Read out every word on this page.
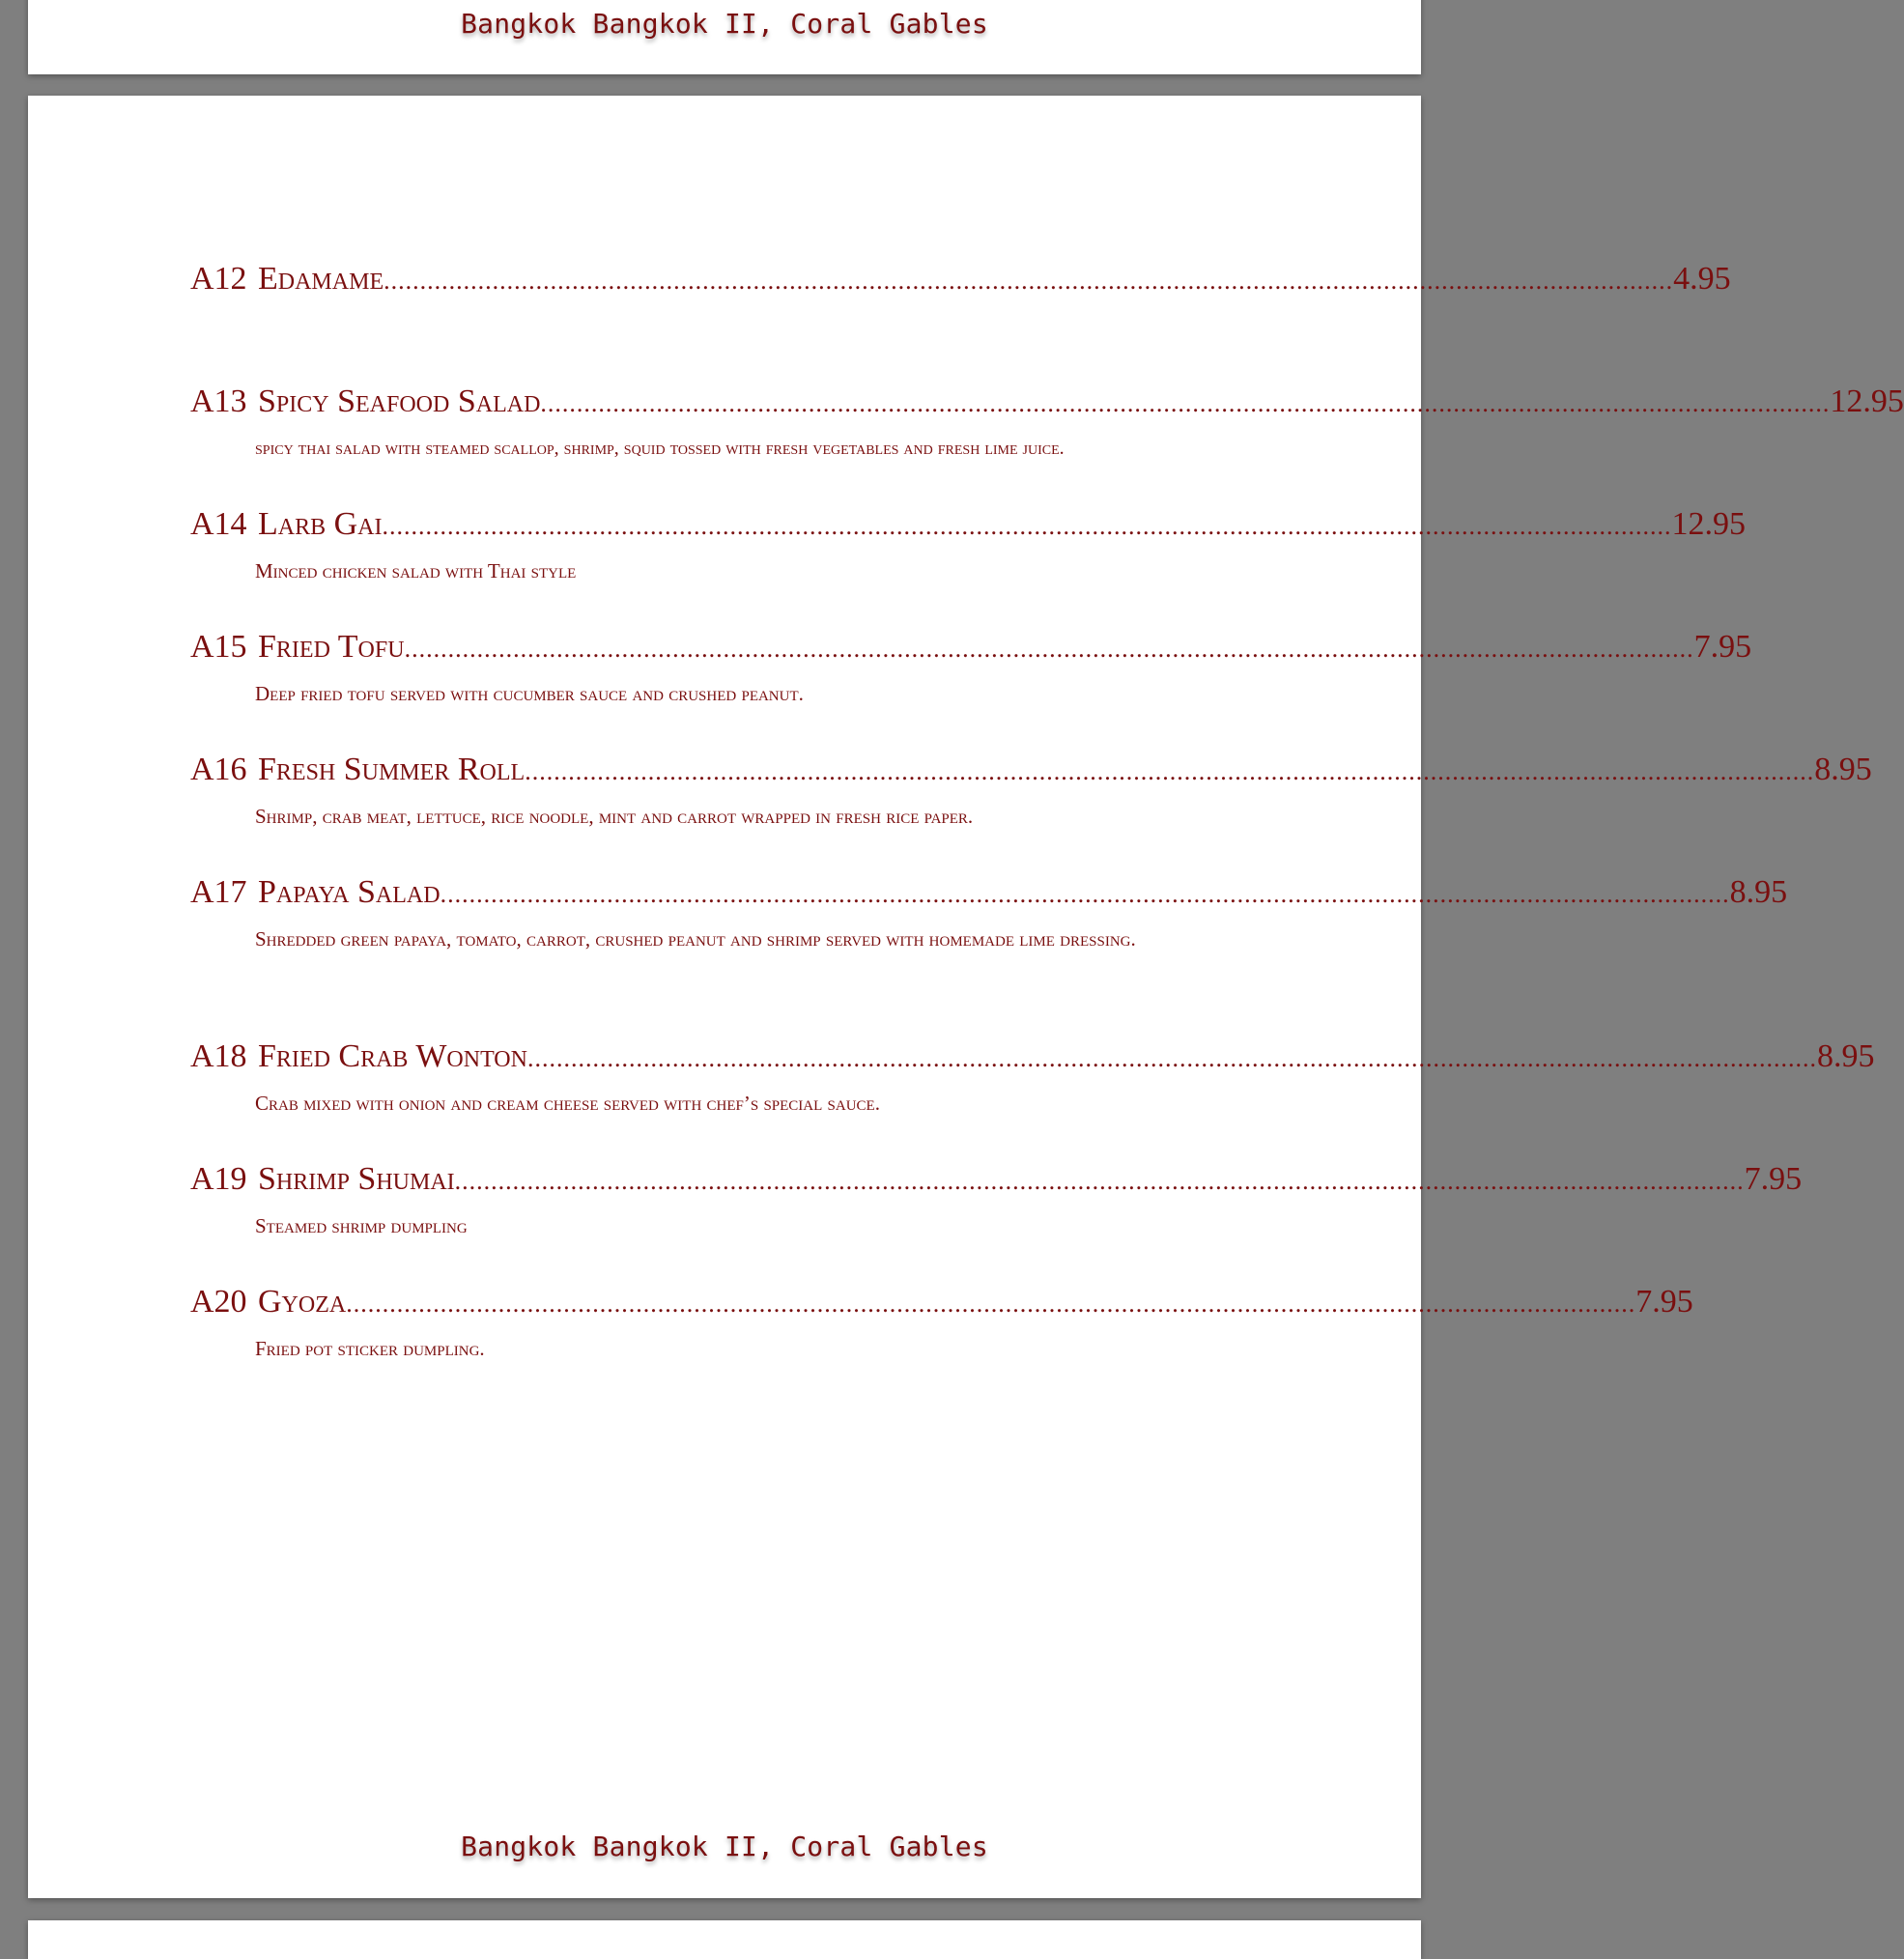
Bangkok Bangkok II, Coral Gables
A12 Edamame .................................................................................................................................................................................. 4.95
A13 Spicy Seafood Salad .................................................................................................................................................................................. 12.95
spicy thai salad with steamed scallop, shrimp, squid tossed with fresh vegetables and fresh lime juice.
A14 Larb Gai .................................................................................................................................................................................. 12.95
Minced chicken salad with Thai style
A15 Fried Tofu .................................................................................................................................................................................. 7.95
Deep fried tofu served with cucumber sauce and crushed peanut.
A16 Fresh Summer Roll .................................................................................................................................................................................. 8.95
Shrimp, crab meat, lettuce, rice noodle, mint and carrot wrapped in fresh rice paper.
A17 Papaya Salad .................................................................................................................................................................................. 8.95
Shredded green papaya, tomato, carrot, crushed peanut and shrimp served with homemade lime dressing.
A18 Fried Crab Wonton .................................................................................................................................................................................. 8.95
Crab mixed with onion and cream cheese served with chef’s special sauce.
A19 Shrimp Shumai .................................................................................................................................................................................. 7.95
Steamed shrimp dumpling
A20 Gyoza .................................................................................................................................................................................. 7.95
Fried pot sticker dumpling.
Bangkok Bangkok II, Coral Gables
